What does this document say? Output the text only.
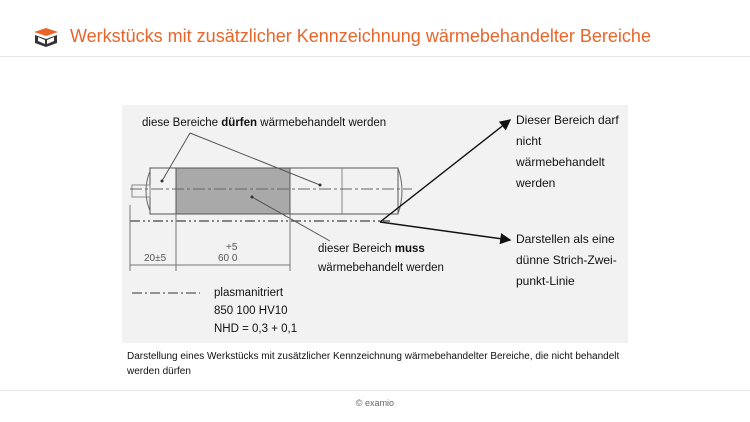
Werkstücks mit zusätzlicher Kennzeichnung wärmebehandelter Bereiche
diese Bereiche dürfen wärmebehandelt werden
20±5
+5
60 0
dieser Bereich muss
wärmebehandelt werden
plasmanitriert
850 100 HV10
NHD = 0,3 + 0,1
Dieser Bereich darf
nicht
wärmebehandelt
werden
Darstellen als eine
dünne Strich-Zwei-
punkt-Linie
Darstellung eines Werkstücks mit zusätzlicher Kennzeichnung wärmebehandelter Bereiche, die nicht behandelt werden dürfen
© examio
